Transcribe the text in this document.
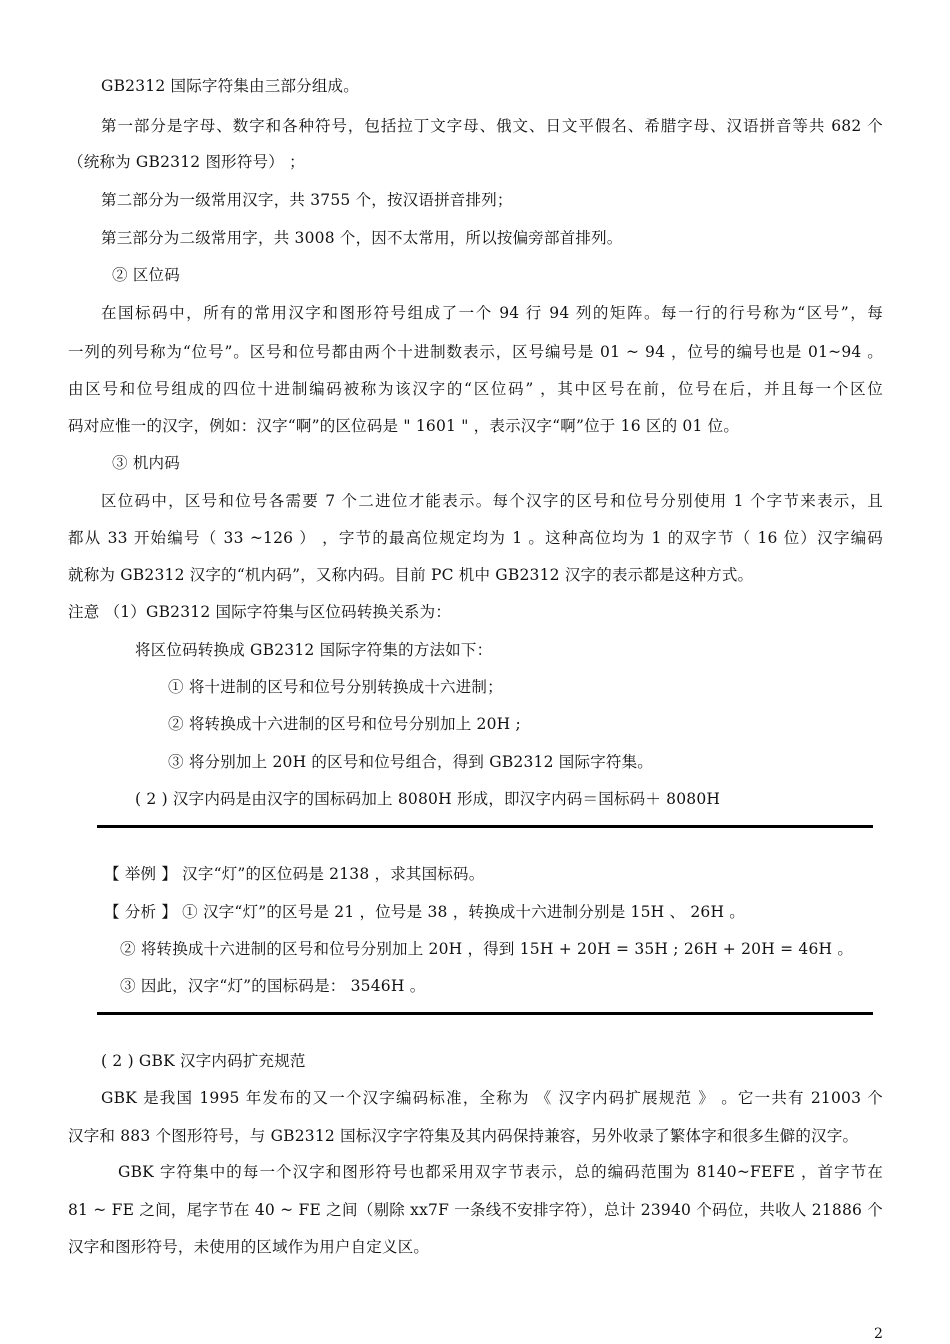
GB2312 国际字符集由三部分组成。
第一部分是字母、数字和各种符号，包括拉丁文字母、俄文、日文平假名、希腊字母、汉语拼音等共 682 个
（统称为 GB2312 图形符号） ；
第二部分为一级常用汉字，共 3755 个，按汉语拼音排列；
第三部分为二级常用字，共 3008 个，因不太常用，所以按偏旁部首排列。
② 区位码
在国标码中，所有的常用汉字和图形符号组成了一个 94 行 94 列的矩阵。每一行的行号称为“区号”，每
一列的列号称为“位号”。区号和位号都由两个十进制数表示，区号编号是 01 ~ 94 ，位号的编号也是 01~94 。
由区号和位号组成的四位十进制编码被称为该汉字的“区位码” ，其中区号在前，位号在后，并且每一个区位
码对应惟一的汉字，例如：汉字“啊”的区位码是 " 1601 " ，表示汉字“啊”位于 16 区的 01 位。
③ 机内码
区位码中，区号和位号各需要 7 个二进位才能表示。每个汉字的区号和位号分别使用 1 个字节来表示，且
都从 33 开始编号（ 33 ~126 ） ，字节的最高位规定均为 1 。这种高位均为 1 的双字节（ 16 位）汉字编码
就称为 GB2312 汉字的“机内码”，又称内码。目前 PC 机中 GB2312 汉字的表示都是这种方式。
注意 （1）GB2312 国际字符集与区位码转换关系为：
将区位码转换成 GB2312 国际字符集的方法如下：
① 将十进制的区号和位号分别转换成十六进制；
② 将转换成十六进制的区号和位号分别加上 20H ;
③ 将分别加上 20H 的区号和位号组合，得到 GB2312 国际字符集。
( 2 ) 汉字内码是由汉字的国标码加上 8080H 形成，即汉字内码＝国标码＋ 8080H
【 举例 】 汉字“灯”的区位码是 2138 ，求其国标码。
【 分析 】 ① 汉字“灯”的区号是 21 ，位号是 38 ，转换成十六进制分别是 15H 、 26H 。
② 将转换成十六进制的区号和位号分别加上 20H ，得到 15H + 20H = 35H ; 26H + 20H = 46H 。
③ 因此，汉字“灯”的国标码是： 3546H 。
( 2 ) GBK 汉字内码扩充规范
GBK 是我国 1995 年发布的又一个汉字编码标准，全称为 《 汉字内码扩展规范 》 。它一共有 21003 个
汉字和 883 个图形符号，与 GB2312 国标汉字字符集及其内码保持兼容，另外收录了繁体字和很多生僻的汉字。
GBK 字符集中的每一个汉字和图形符号也都采用双字节表示，总的编码范围为 8140~FEFE ，首字节在
81 ~ FE 之间，尾字节在 40 ~ FE 之间（剔除 xx7F 一条线不安排字符），总计 23940 个码位，共收人 21886 个
汉字和图形符号，未使用的区域作为用户自定义区。
2
